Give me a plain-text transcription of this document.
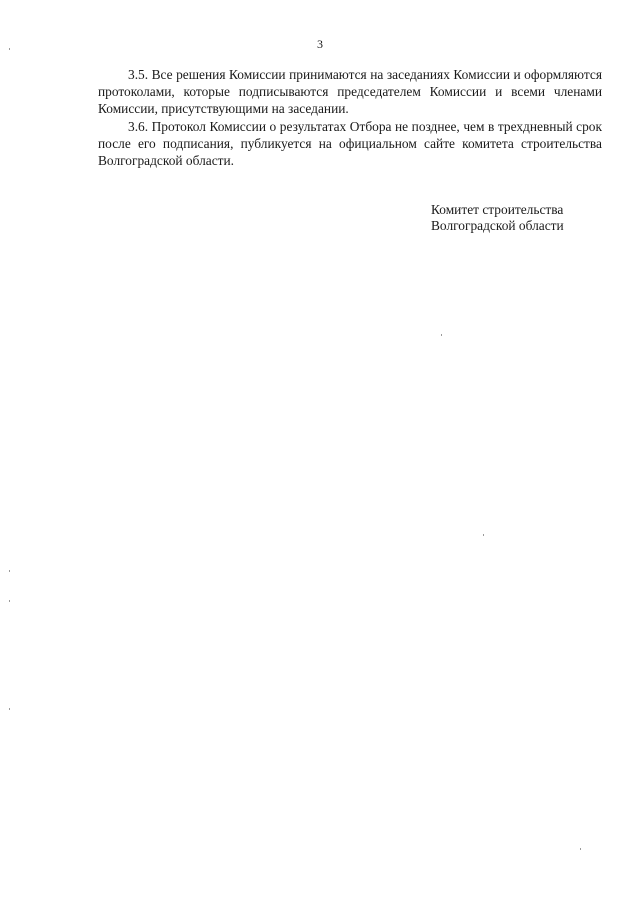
3

3.5. Все решения Комиссии принимаются на заседаниях Комиссии и оформляются протоколами, которые подписываются председателем Комиссии и всеми членами Комиссии, присутствующими на заседании.

3.6. Протокол Комиссии о результатах Отбора не позднее, чем в трехдневный срок после его подписания, публикуется на официальном сайте комитета строительства Волгоградской области.

Комитет строительства
Волгоградской области
